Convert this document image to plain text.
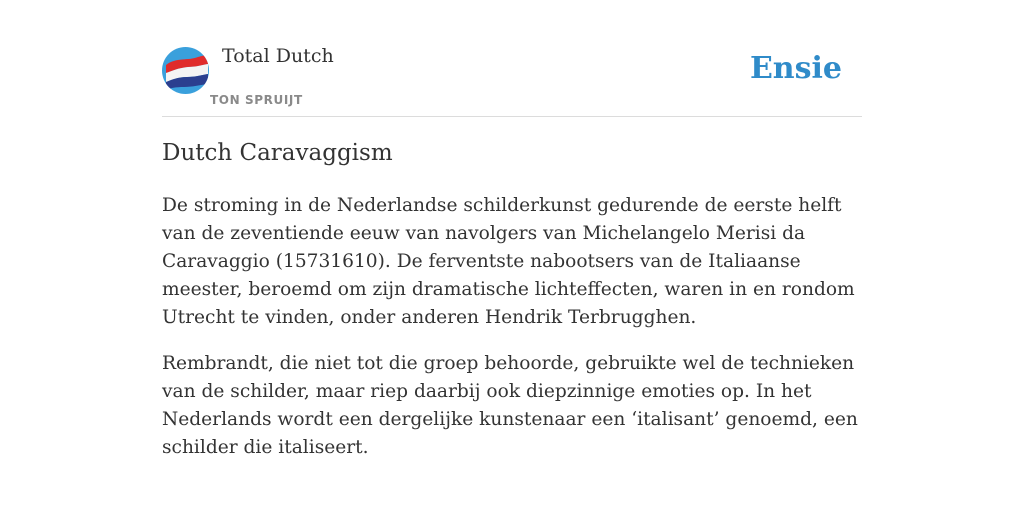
Total Dutch
TON SPRUIJT
Ensie
Dutch Caravaggism

De stroming in de Nederlandse schilderkunst gedurende de eerste helft van de zeventiende eeuw van navolgers van Michelangelo Merisi da Caravaggio (15731610). De ferventste nabootsers van de Italiaanse meester, beroemd om zijn dramatische lichteffecten, waren in en rondom Utrecht te vinden, onder anderen Hendrik Terbrugghen.

Rembrandt, die niet tot die groep behoorde, gebruikte wel de technieken van de schilder, maar riep daarbij ook diepzinnige emoties op. In het Nederlands wordt een dergelijke kunstenaar een ‘italisant’ genoemd, een schilder die italiseert.
